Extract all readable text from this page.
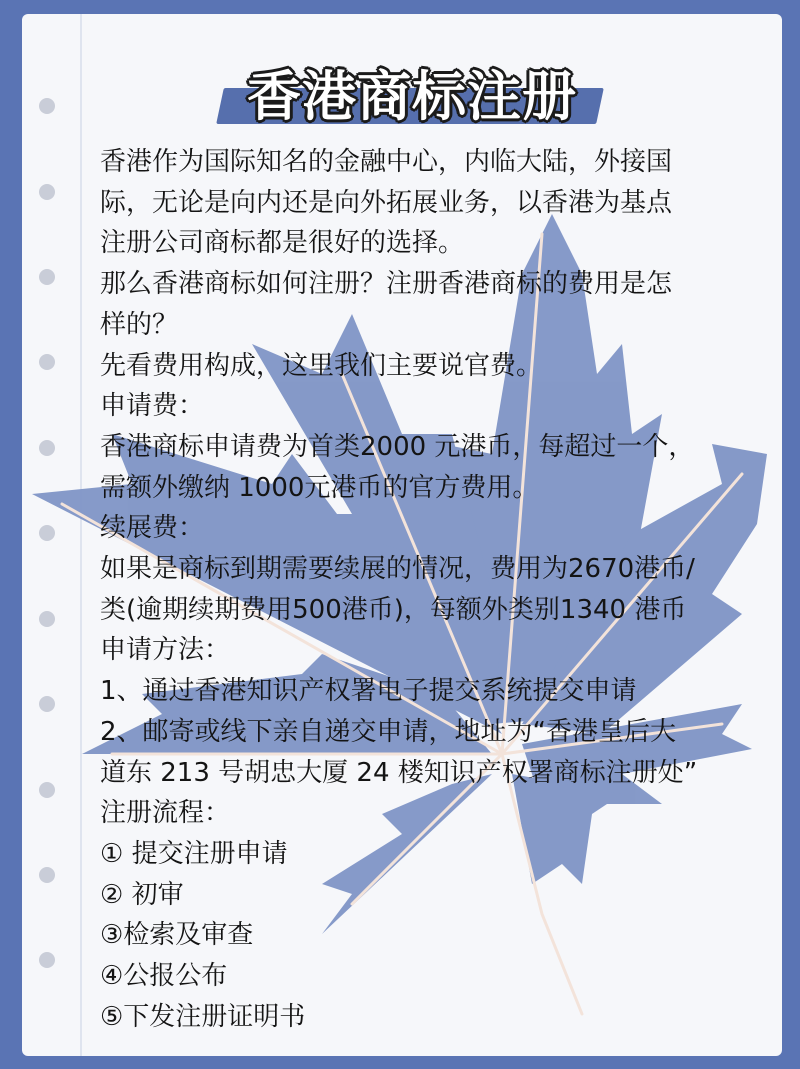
香港商标注册
香港作为国际知名的金融中心，内临大陆，外接国
际，无论是向内还是向外拓展业务，以香港为基点
注册公司商标都是很好的选择。
那么香港商标如何注册？注册香港商标的费用是怎
样的？
先看费用构成，这里我们主要说官费。
申请费：
香港商标申请费为首类2000 元港币，每超过一个，
需额外缴纳 1000元港币的官方费用。
续展费：
如果是商标到期需要续展的情况，费用为2670港币/
类(逾期续期费用500港币)，每额外类别1340 港币
申请方法：
1、通过香港知识产权署电子提交系统提交申请
2、邮寄或线下亲自递交申请，地址为“香港皇后大
道东 213 号胡忠大厦 24 楼知识产权署商标注册处”
注册流程：
① 提交注册申请
② 初审
③检索及审查
④公报公布
⑤下发注册证明书
